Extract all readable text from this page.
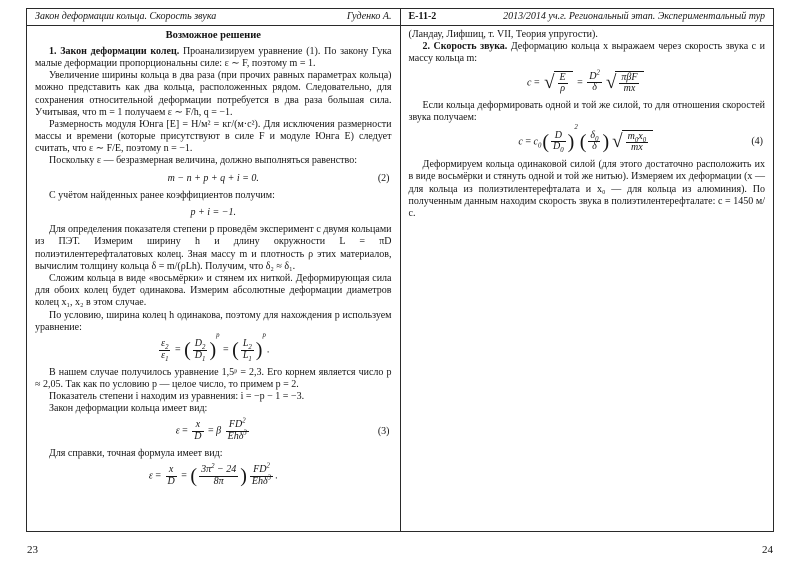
Закон деформации кольца. Скорость звука	Гуденко А.
Возможное решение
1. Закон деформации колец. Проанализируем уравнение (1). По закону Гука малые деформации пропорциональны силе: ε ∼ F, поэтому m = 1.
Увеличение ширины кольца в два раза (при прочих равных параметрах кольца) можно представить как два кольца, расположенных рядом. Следовательно, для сохранения относительной деформации потребуется в два раза большая сила. Учитывая, что m = 1 получаем ε ∼ F/h, q = −1.
Размерность модуля Юнга [E] = Н/м² = кг/(м·с²). Для исключения размерности массы и времени (которые присутствуют в силе F и модуле Юнга E) следует считать, что ε ∼ F/E, поэтому n = −1.
Поскольку ε — безразмерная величина, должно выполняться равенство:
m − n + p + q + i = 0.	(2)
С учётом найденных ранее коэффициентов получим:
p + i = −1.
Для определения показателя степени p проведём эксперимент с двумя кольцами из ПЭТ. Измерим ширину h и длину окружности L = πD полиэтилентерефталатовых колец. Зная массу m и плотность ρ этих материалов, вычислим толщину кольца δ = m/(ρLh). Получим, что δ₂ ≈ δ₁.
Сложим кольца в виде «восьмёрки» и стянем их ниткой. Деформирующая сила для обоих колец будет одинакова. Измерим абсолютные деформации диаметров колец x₁, x₂ в этом случае.
По условию, ширина колец h одинакова, поэтому для нахождения p используем уравнение:
$\frac{\varepsilon_2}{\varepsilon_1}$ = ( $\frac{D_2}{D_1}$ )
p
= ( $\frac{L_2}{L_1}$ )
p
.
В нашем случае получилось уравнение 1,5ᵖ = 2,3. Его корнем является число p ≈ 2,05. Так как по условию p — целое число, то примем p = 2.
Показатель степени i находим из уравнения: i = −p − 1 = −3.
Закон деформации кольца имеет вид:
$\varepsilon = \frac{x}{D} = \beta \frac{FD^2}{Eh\delta^3}$	(3)
Для справки, точная формула имеет вид:
$\varepsilon = \frac{x}{D}$ = ( $\frac{3\pi^2 - 24}{8\pi}$ ) $\frac{FD^2}{Eh\delta^3}$ .
Е-11-2	2013/2014 уч.г. Региональный этап. Экспериментальный тур
(Ландау, Лифшиц, т. VII, Теория упругости).
2. Скорость звука. Деформацию кольца x выражаем через скорость звука c и массу кольца m:
c = √ $\frac{E}{\rho} = \frac{D^2}{\delta}$ √ $\frac{\text{πβF}}{mx}$
Если кольца деформировать одной и той же силой, то для отношения скоростей звука получаем:
$c = c_0$ ( $\frac{D}{D_0}$ )
2
( $\frac{\delta_0}{\delta}$ ) √ $\frac{m_0x_0}{mx}$	(4)
Деформируем кольца одинаковой силой (для этого достаточно расположить их в виде восьмёрки и стянуть одной и той же нитью). Измеряем их деформации (x — для кольца из полиэтилентерефталата и x₀ — для кольца из алюминия). По полученным данным находим скорость звука в полиэтилентерефталате: c = 1450 м/с.
23	24
